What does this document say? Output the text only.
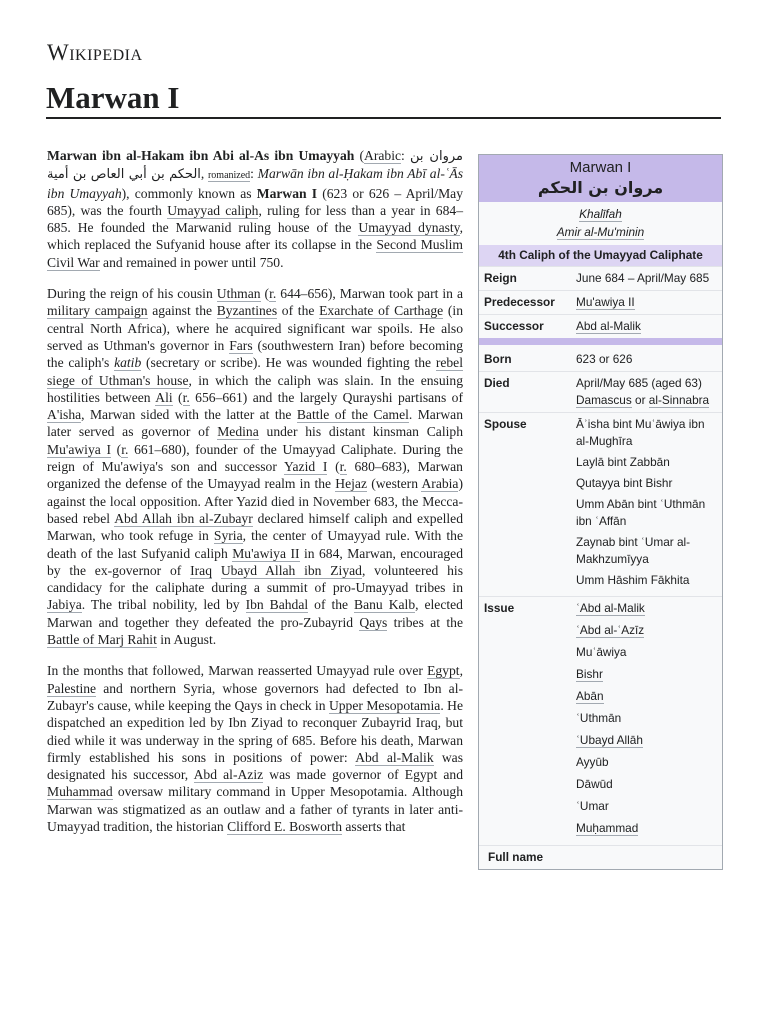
Wikipedia
Marwan I

Marwan ibn al-Hakam ibn Abi al-As ibn Umayyah (Arabic: مروان بن الحكم بن أبي العاص بن أمية, romanized: Marwān ibn al-Ḥakam ibn Abī al-ʿĀs ibn Umayyah), commonly known as Marwan I (623 or 626 – April/May 685), was the fourth Umayyad caliph, ruling for less than a year in 684–685. He founded the Marwanid ruling house of the Umayyad dynasty, which replaced the Sufyanid house after its collapse in the Second Muslim Civil War and remained in power until 750.

During the reign of his cousin Uthman (r. 644–656), Marwan took part in a military campaign against the Byzantines of the Exarchate of Carthage (in central North Africa), where he acquired significant war spoils. He also served as Uthman's governor in Fars (southwestern Iran) before becoming the caliph's katib (secretary or scribe). He was wounded fighting the rebel siege of Uthman's house, in which the caliph was slain. In the ensuing hostilities between Ali (r. 656–661) and the largely Qurayshi partisans of A'isha, Marwan sided with the latter at the Battle of the Camel. Marwan later served as governor of Medina under his distant kinsman Caliph Mu'awiya I (r. 661–680), founder of the Umayyad Caliphate. During the reign of Mu'awiya's son and successor Yazid I (r. 680–683), Marwan organized the defense of the Umayyad realm in the Hejaz (western Arabia) against the local opposition. After Yazid died in November 683, the Mecca-based rebel Abd Allah ibn al-Zubayr declared himself caliph and expelled Marwan, who took refuge in Syria, the center of Umayyad rule. With the death of the last Sufyanid caliph Mu'awiya II in 684, Marwan, encouraged by the ex-governor of Iraq Ubayd Allah ibn Ziyad, volunteered his candidacy for the caliphate during a summit of pro-Umayyad tribes in Jabiya. The tribal nobility, led by Ibn Bahdal of the Banu Kalb, elected Marwan and together they defeated the pro-Zubayrid Qays tribes at the Battle of Marj Rahit in August.

In the months that followed, Marwan reasserted Umayyad rule over Egypt, Palestine and northern Syria, whose governors had defected to Ibn al-Zubayr's cause, while keeping the Qays in check in Upper Mesopotamia. He dispatched an expedition led by Ibn Ziyad to reconquer Zubayrid Iraq, but died while it was underway in the spring of 685. Before his death, Marwan firmly established his sons in positions of power: Abd al-Malik was designated his successor, Abd al-Aziz was made governor of Egypt and Muhammad oversaw military command in Upper Mesopotamia. Although Marwan was stigmatized as an outlaw and a father of tyrants in later anti-Umayyad tradition, the historian Clifford E. Bosworth asserts that

Marwan I
مروان بن الحكم
Khalīfah
Amir al-Mu'minin
4th Caliph of the Umayyad Caliphate
Reign	June 684 – April/May 685
Predecessor	Mu'awiya II
Successor	Abd al-Malik
Born	623 or 626
Died	April/May 685 (aged 63)
Damascus or al-Sinnabra
Spouse	Āʾisha bint Muʿāwiya ibn al-Mughīra
Laylā bint Zabbān
Qutayya bint Bishr
Umm Abān bint ʿUthmān ibn ʿAffān
Zaynab bint ʿUmar al-Makhzumīyya
Umm Hāshim Fākhita
Issue	ʿAbd al-Malik
ʿAbd al-ʿAzīz
Muʿāwiya
Bishr
Abān
ʿUthmān
ʿUbayd Allāh
Ayyūb
Dāwūd
ʿUmar
Muḥammad
Full name
